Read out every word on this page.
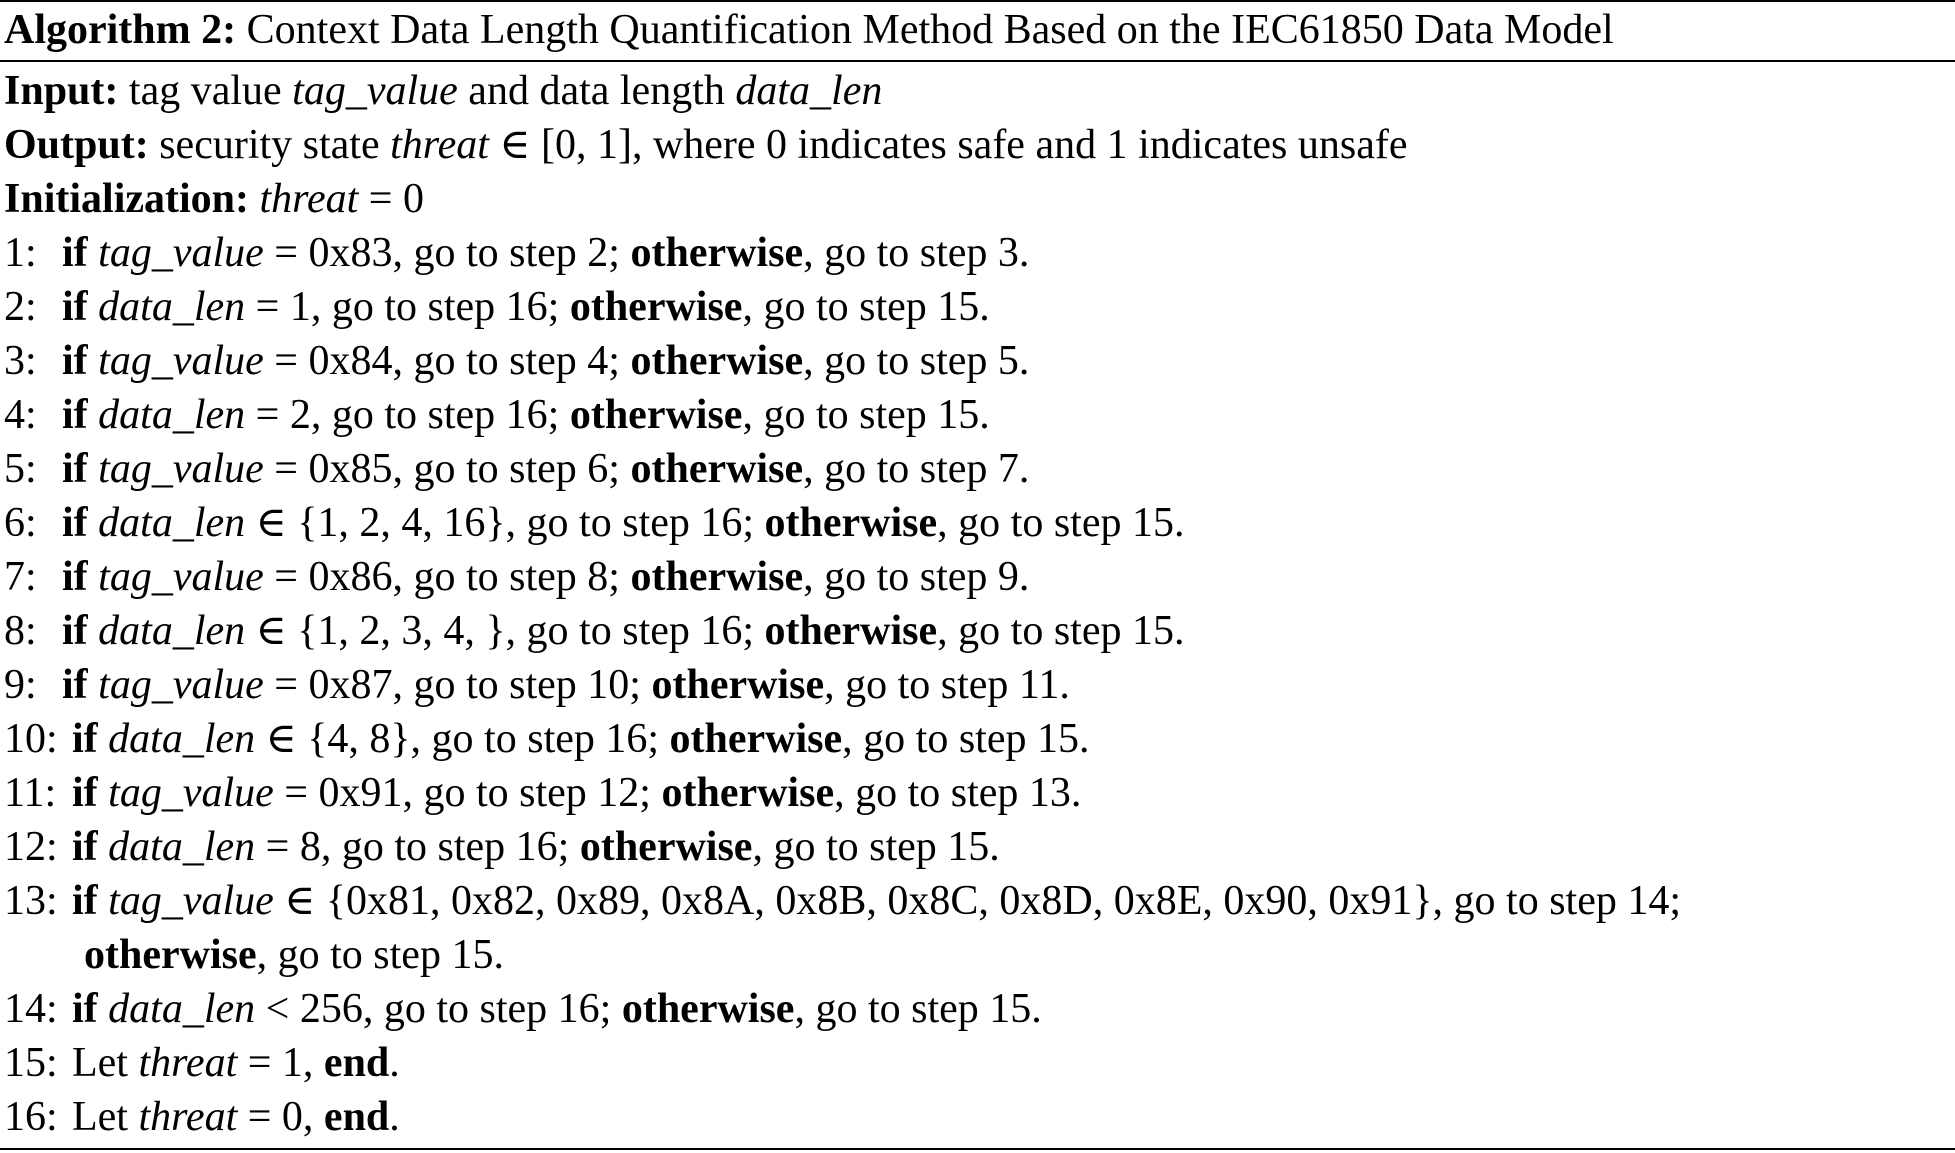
Algorithm 2: Context Data Length Quantification Method Based on the IEC61850 Data Model
Input: tag value tag_value and data length data_len
Output: security state threat ∈ [0, 1], where 0 indicates safe and 1 indicates unsafe
Initialization: threat = 0
1: if tag_value = 0x83, go to step 2; otherwise, go to step 3.
2: if data_len = 1, go to step 16; otherwise, go to step 15.
3: if tag_value = 0x84, go to step 4; otherwise, go to step 5.
4: if data_len = 2, go to step 16; otherwise, go to step 15.
5: if tag_value = 0x85, go to step 6; otherwise, go to step 7.
6: if data_len ∈ {1, 2, 4, 16}, go to step 16; otherwise, go to step 15.
7: if tag_value = 0x86, go to step 8; otherwise, go to step 9.
8: if data_len ∈ {1, 2, 3, 4, }, go to step 16; otherwise, go to step 15.
9: if tag_value = 0x87, go to step 10; otherwise, go to step 11.
10: if data_len ∈ {4, 8}, go to step 16; otherwise, go to step 15.
11: if tag_value = 0x91, go to step 12; otherwise, go to step 13.
12: if data_len = 8, go to step 16; otherwise, go to step 15.
13: if tag_value ∈ {0x81, 0x82, 0x89, 0x8A, 0x8B, 0x8C, 0x8D, 0x8E, 0x90, 0x91}, go to step 14;
otherwise, go to step 15.
14: if data_len < 256, go to step 16; otherwise, go to step 15.
15: Let threat = 1, end.
16: Let threat = 0, end.
